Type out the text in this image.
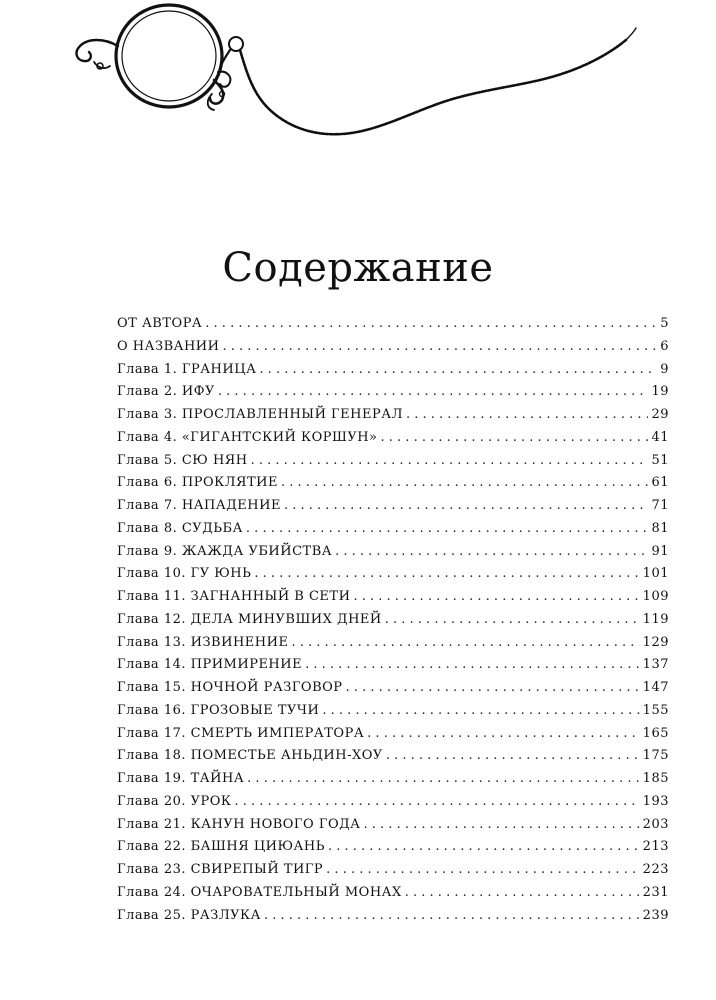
Содержание
ОТ АВТОРА . . .	5
О НАЗВАНИИ . . .	6
Глава 1. ГРАНИЦА . . .	9
Глава 2. ИФУ . . .	19
Глава 3. ПРОСЛАВЛЕННЫЙ ГЕНЕРАЛ . . .	29
Глава 4. «ГИГАНТСКИЙ КОРШУН» . . .	41
Глава 5. СЮ НЯН . . .	51
Глава 6. ПРОКЛЯТИЕ . . .	61
Глава 7. НАПАДЕНИЕ . . .	71
Глава 8. СУДЬБА . . .	81
Глава 9. ЖАЖДА УБИЙСТВА . . .	91
Глава 10. ГУ ЮНЬ . . .	101
Глава 11. ЗАГНАННЫЙ В СЕТИ . . .	109
Глава 12. ДЕЛА МИНУВШИХ ДНЕЙ . . .	119
Глава 13. ИЗВИНЕНИЕ . . .	129
Глава 14. ПРИМИРЕНИЕ . . .	137
Глава 15. НОЧНОЙ РАЗГОВОР . . .	147
Глава 16. ГРОЗОВЫЕ ТУЧИ . . .	155
Глава 17. СМЕРТЬ ИМПЕРАТОРА . . .	165
Глава 18. ПОМЕСТЬЕ АНЬДИН-ХОУ . . .	175
Глава 19. ТАЙНА . . .	185
Глава 20. УРОК . . .	193
Глава 21. КАНУН НОВОГО ГОДА . . .	203
Глава 22. БАШНЯ ЦИЮАНЬ . . .	213
Глава 23. СВИРЕПЫЙ ТИГР . . .	223
Глава 24. ОЧАРОВАТЕЛЬНЫЙ МОНАХ . . .	231
Глава 25. РАЗЛУКА . . .	239
